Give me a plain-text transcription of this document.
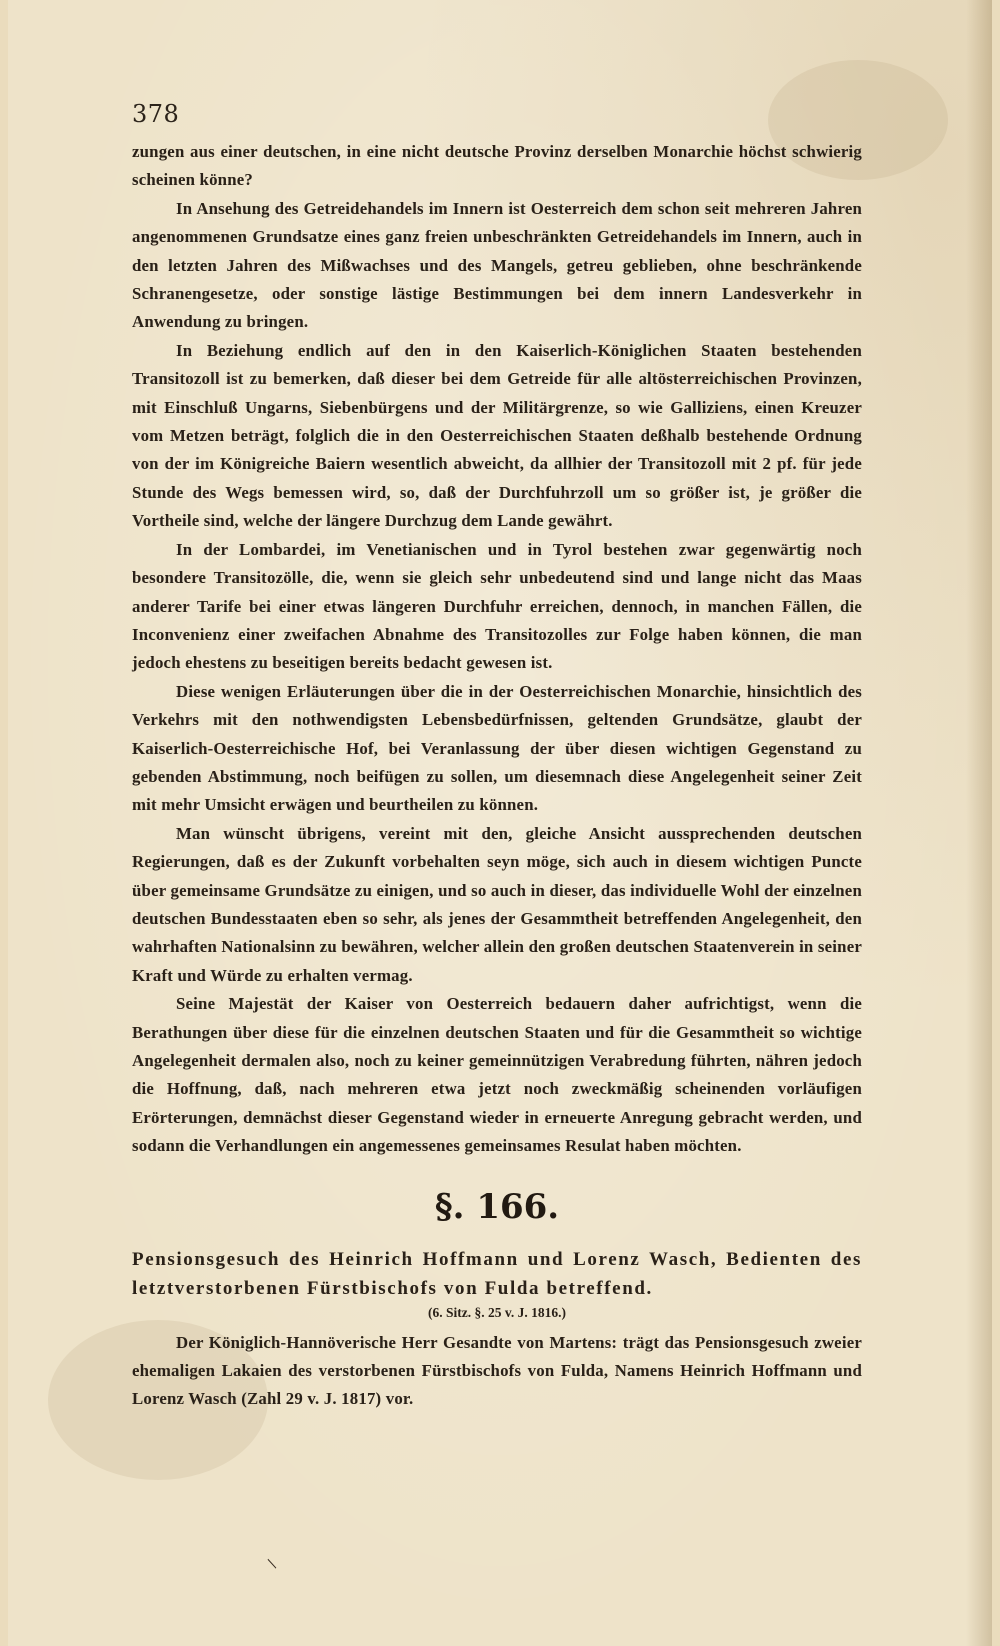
378

zungen aus einer deutschen, in eine nicht deutsche Provinz derselben Monarchie höchst schwierig scheinen könne?

In Ansehung des Getreidehandels im Innern ist Oesterreich dem schon seit mehreren Jahren angenommenen Grundsatze eines ganz freien unbeschränkten Getreidehandels im Innern, auch in den letzten Jahren des Mißwachses und des Mangels, getreu geblieben, ohne beschränkende Schranengesetze, oder sonstige lästige Bestimmungen bei dem innern Landesverkehr in Anwendung zu bringen.

In Beziehung endlich auf den in den Kaiserlich-Königlichen Staaten bestehenden Transitozoll ist zu bemerken, daß dieser bei dem Getreide für alle altösterreichischen Provinzen, mit Einschluß Ungarns, Siebenbürgens und der Militärgrenze, so wie Galliziens, einen Kreuzer vom Metzen beträgt, folglich die in den Oesterreichischen Staaten deßhalb bestehende Ordnung von der im Königreiche Baiern wesentlich abweicht, da allhier der Transitozoll mit 2 pf. für jede Stunde des Wegs bemessen wird, so, daß der Durchfuhrzoll um so größer ist, je größer die Vortheile sind, welche der längere Durchzug dem Lande gewährt.

In der Lombardei, im Venetianischen und in Tyrol bestehen zwar gegenwärtig noch besondere Transitozölle, die, wenn sie gleich sehr unbedeutend sind und lange nicht das Maas anderer Tarife bei einer etwas längeren Durchfuhr erreichen, dennoch, in manchen Fällen, die Inconvenienz einer zweifachen Abnahme des Transitozolles zur Folge haben können, die man jedoch ehestens zu beseitigen bereits bedacht gewesen ist.

Diese wenigen Erläuterungen über die in der Oesterreichischen Monarchie, hinsichtlich des Verkehrs mit den nothwendigsten Lebensbedürfnissen, geltenden Grundsätze, glaubt der Kaiserlich-Oesterreichische Hof, bei Veranlassung der über diesen wichtigen Gegenstand zu gebenden Abstimmung, noch beifügen zu sollen, um diesemnach diese Angelegenheit seiner Zeit mit mehr Umsicht erwägen und beurtheilen zu können.

Man wünscht übrigens, vereint mit den, gleiche Ansicht aussprechenden deutschen Regierungen, daß es der Zukunft vorbehalten seyn möge, sich auch in diesem wichtigen Puncte über gemeinsame Grundsätze zu einigen, und so auch in dieser, das individuelle Wohl der einzelnen deutschen Bundesstaaten eben so sehr, als jenes der Gesammtheit betreffenden Angelegenheit, den wahrhaften Nationalsinn zu bewähren, welcher allein den großen deutschen Staatenverein in seiner Kraft und Würde zu erhalten vermag.

Seine Majestät der Kaiser von Oesterreich bedauern daher aufrichtigst, wenn die Berathungen über diese für die einzelnen deutschen Staaten und für die Gesammtheit so wichtige Angelegenheit dermalen also, noch zu keiner gemeinnützigen Verabredung führten, nähren jedoch die Hoffnung, daß, nach mehreren etwa jetzt noch zweckmäßig scheinenden vorläufigen Erörterungen, demnächst dieser Gegenstand wieder in erneuerte Anregung gebracht werden, und sodann die Verhandlungen ein angemessenes gemeinsames Resulat haben möchten.

§. 166.

Pensionsgesuch des Heinrich Hoffmann und Lorenz Wasch, Bedienten des letztverstorbenen Fürstbischofs von Fulda betreffend.

(6. Sitz. §. 25 v. J. 1816.)

Der Königlich-Hannöverische Herr Gesandte von Martens: trägt das Pensionsgesuch zweier ehemaligen Lakaien des verstorbenen Fürstbischofs von Fulda, Namens Heinrich Hoffmann und Lorenz Wasch (Zahl 29 v. J. 1817) vor.

/
